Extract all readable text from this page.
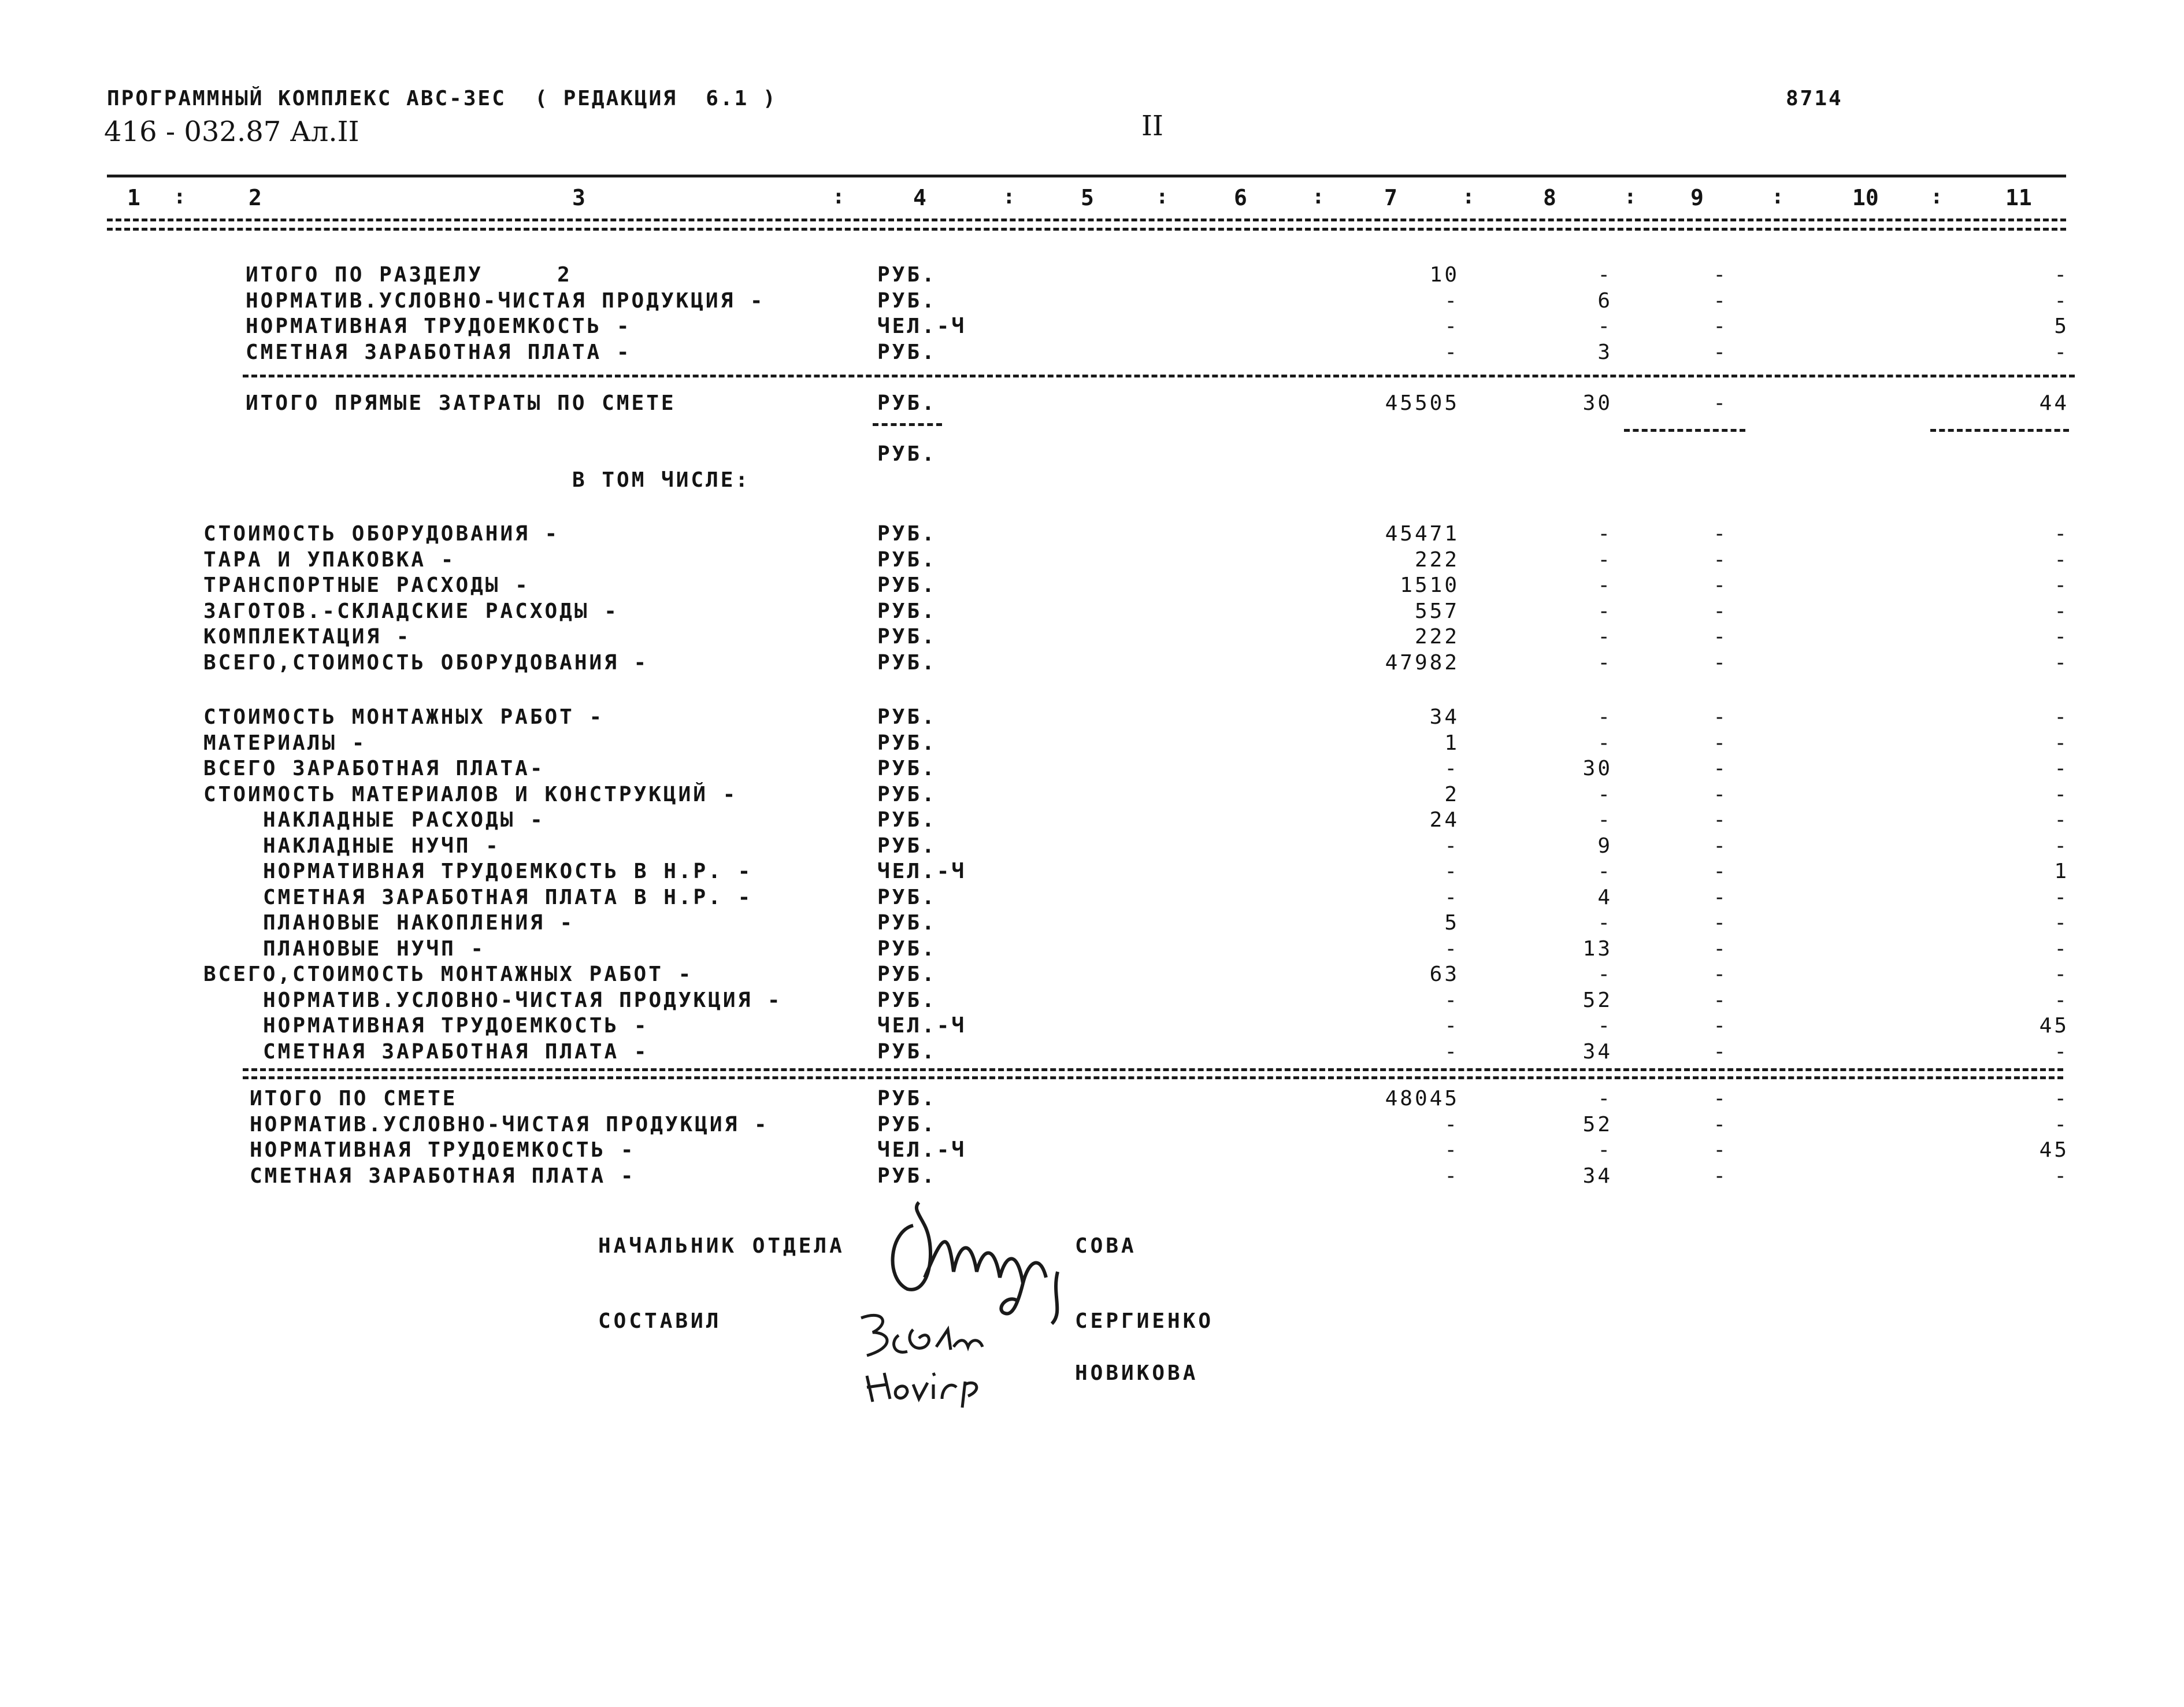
ПРОГРАММНЫЙ КОМПЛЕКС АВС-3ЕС  ( РЕДАКЦИЯ  6.1 )
416 - 032.87 Ал.II	II
8714
1	2	3	4	5	6	7	8	9	10	11
:	:	:	:	:	:	:	:	:
ИТОГО ПО РАЗДЕЛУ     2	РУБ.	10	-	-	-
НОРМАТИВ.УСЛОВНО-ЧИСТАЯ ПРОДУКЦИЯ -	РУБ.	-	6	-	-
НОРМАТИВНАЯ ТРУДОЕМКОСТЬ -	ЧЕЛ.-Ч	-	-	-	5
СМЕТНАЯ ЗАРАБОТНАЯ ПЛАТА -	РУБ.	-	3	-	-
ИТОГО ПРЯМЫЕ ЗАТРАТЫ ПО СМЕТЕ	РУБ.	45505	30	-	44
РУБ.
В ТОМ ЧИСЛЕ:
СТОИМОСТЬ ОБОРУДОВАНИЯ -	РУБ.	45471	-	-	-
ТАРА И УПАКОВКА -	РУБ.	222	-	-	-
ТРАНСПОРТНЫЕ РАСХОДЫ -	РУБ.	1510	-	-	-
ЗАГОТОВ.-СКЛАДСКИЕ РАСХОДЫ -	РУБ.	557	-	-	-
КОМПЛЕКТАЦИЯ -	РУБ.	222	-	-	-
ВСЕГО,СТОИМОСТЬ ОБОРУДОВАНИЯ -	РУБ.	47982	-	-	-
СТОИМОСТЬ МОНТАЖНЫХ РАБОТ -	РУБ.	34	-	-	-
МАТЕРИАЛЫ -	РУБ.	1	-	-	-
ВСЕГО ЗАРАБОТНАЯ ПЛАТА-	РУБ.	-	30	-	-
СТОИМОСТЬ МАТЕРИАЛОВ И КОНСТРУКЦИЙ -	РУБ.	2	-	-	-
НАКЛАДНЫЕ РАСХОДЫ -	РУБ.	24	-	-	-
НАКЛАДНЫЕ НУЧП -	РУБ.	-	9	-	-
НОРМАТИВНАЯ ТРУДОЕМКОСТЬ В Н.Р. -	ЧЕЛ.-Ч	-	-	-	1
СМЕТНАЯ ЗАРАБОТНАЯ ПЛАТА В Н.Р. -	РУБ.	-	4	-	-
ПЛАНОВЫЕ НАКОПЛЕНИЯ -	РУБ.	5	-	-	-
ПЛАНОВЫЕ НУЧП -	РУБ.	-	13	-	-
ВСЕГО,СТОИМОСТЬ МОНТАЖНЫХ РАБОТ -	РУБ.	63	-	-	-
НОРМАТИВ.УСЛОВНО-ЧИСТАЯ ПРОДУКЦИЯ -	РУБ.	-	52	-	-
НОРМАТИВНАЯ ТРУДОЕМКОСТЬ -	ЧЕЛ.-Ч	-	-	-	45
СМЕТНАЯ ЗАРАБОТНАЯ ПЛАТА -	РУБ.	-	34	-	-
ИТОГО ПО СМЕТЕ	РУБ.	48045	-	-	-
НОРМАТИВ.УСЛОВНО-ЧИСТАЯ ПРОДУКЦИЯ -	РУБ.	-	52	-	-
НОРМАТИВНАЯ ТРУДОЕМКОСТЬ -	ЧЕЛ.-Ч	-	-	-	45
СМЕТНАЯ ЗАРАБОТНАЯ ПЛАТА -	РУБ.	-	34	-	-
НАЧАЛЬНИК ОТДЕЛА	СОВА
СОСТАВИЛ	СЕРГИЕНКО
НОВИКОВА
